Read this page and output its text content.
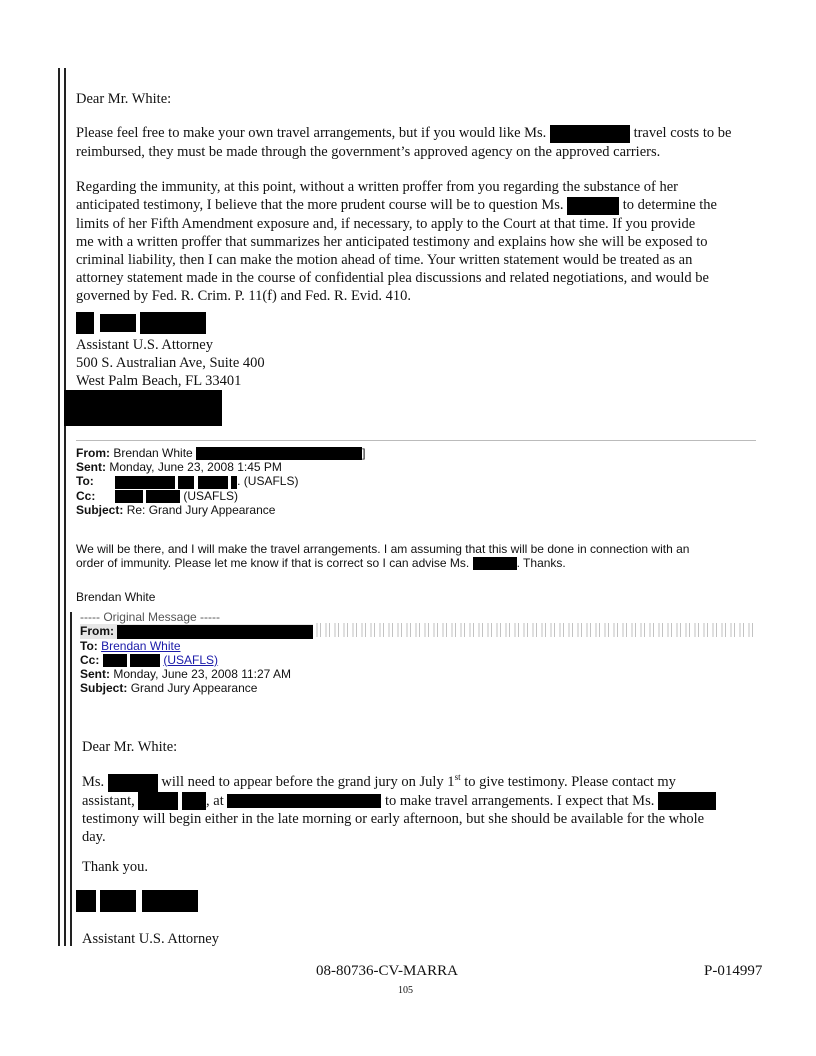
Dear Mr. White:
Please feel free to make your own travel arrangements, but if you would like Ms.	travel costs to be
reimbursed, they must be made through the government’s approved agency on the approved carriers.
Regarding the immunity, at this point, without a written proffer from you regarding the substance of her
anticipated testimony, I believe that the more prudent course will be to question Ms.	to determine the
limits of her Fifth Amendment exposure and, if necessary, to apply to the Court at that time. If you provide
me with a written proffer that summarizes her anticipated testimony and explains how she will be exposed to
criminal liability, then I can make the motion ahead of time. Your written statement would be treated as an
attorney statement made in the course of confidential plea discussions and related negotiations, and would be
governed by Fed. R. Crim. P. 11(f) and Fed. R. Evid. 410.
Assistant U.S. Attorney
500 S. Australian Ave, Suite 400
West Palm Beach, FL 33401
From: Brendan White	]
Sent: Monday, June 23, 2008 1:45 PM
To:	. (USAFLS)
Cc:	(USAFLS)
Subject: Re: Grand Jury Appearance
We will be there, and I will make the travel arrangements. I am assuming that this will be done in connection with an
order of immunity. Please let me know if that is correct so I can advise Ms.	. Thanks.
Brendan White
----- Original Message -----
From:
To: Brendan White
Cc:	(USAFLS)
Sent: Monday, June 23, 2008 11:27 AM
Subject: Grand Jury Appearance
Dear Mr. White:
Ms.	will need to appear before the grand jury on July 1st to give testimony. Please contact my
assistant,	, at	to make travel arrangements. I expect that Ms.
testimony will begin either in the late morning or early afternoon, but she should be available for the whole
day.
Thank you.
Assistant U.S. Attorney
08-80736-CV-MARRA	P-014997
105
